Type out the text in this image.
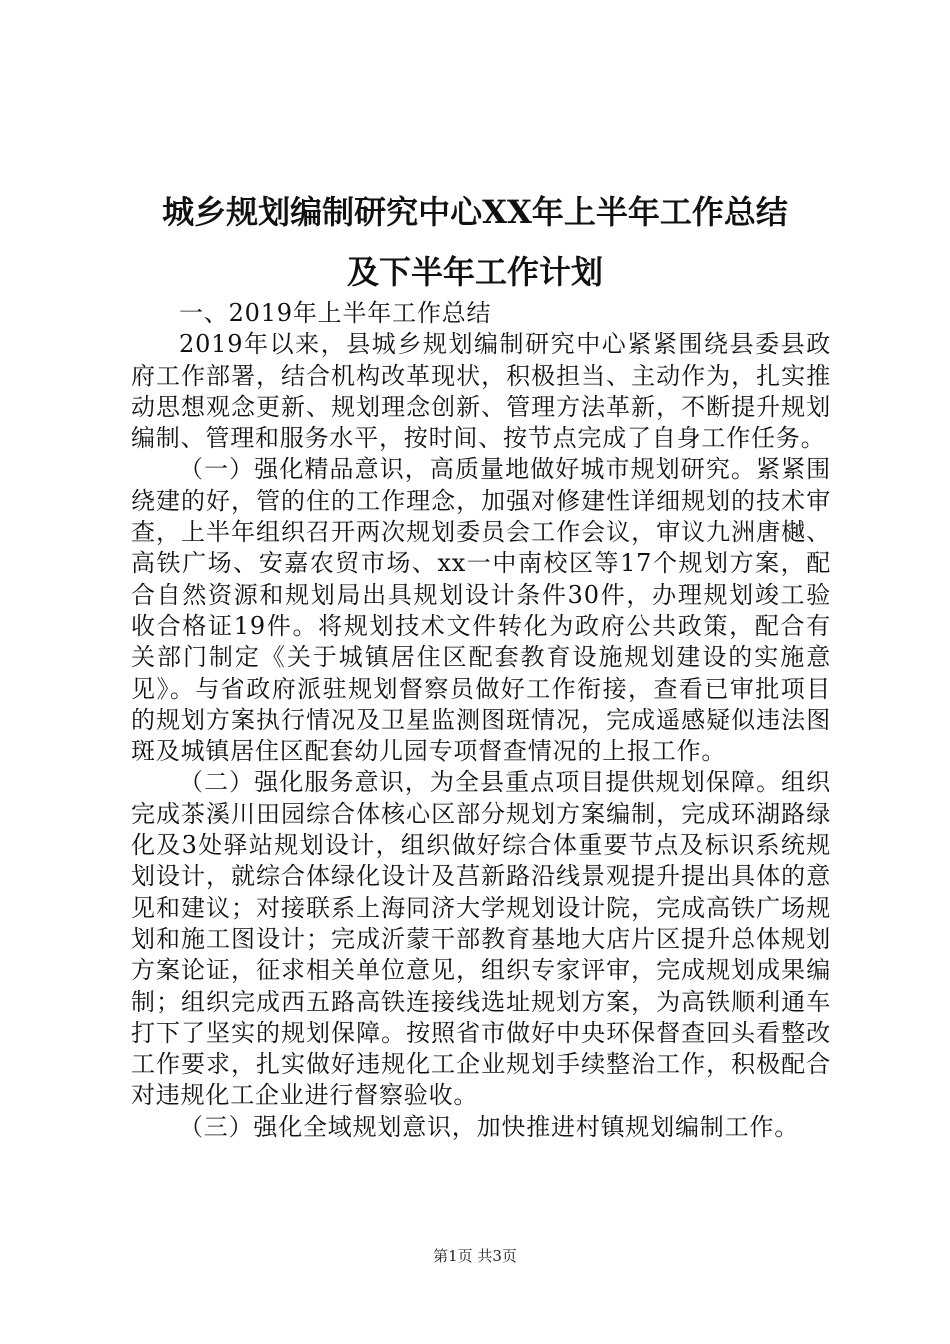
城乡规划编制研究中心XX年上半年工作总结
及下半年工作计划

一、2019年上半年工作总结

2019年以来，县城乡规划编制研究中心紧紧围绕县委县政府工作部署，结合机构改革现状，积极担当、主动作为，扎实推动思想观念更新、规划理念创新、管理方法革新，不断提升规划编制、管理和服务水平，按时间、按节点完成了自身工作任务。

（一）强化精品意识，高质量地做好城市规划研究。紧紧围绕建的好，管的住的工作理念，加强对修建性详细规划的技术审查，上半年组织召开两次规划委员会工作会议，审议九洲唐樾、高铁广场、安嘉农贸市场、xx一中南校区等17个规划方案，配合自然资源和规划局出具规划设计条件30件，办理规划竣工验收合格证19件。将规划技术文件转化为政府公共政策，配合有关部门制定《关于城镇居住区配套教育设施规划建设的实施意见》。与省政府派驻规划督察员做好工作衔接，查看已审批项目的规划方案执行情况及卫星监测图斑情况，完成遥感疑似违法图斑及城镇居住区配套幼儿园专项督查情况的上报工作。

（二）强化服务意识，为全县重点项目提供规划保障。组织完成茶溪川田园综合体核心区部分规划方案编制，完成环湖路绿化及3处驿站规划设计，组织做好综合体重要节点及标识系统规划设计，就综合体绿化设计及莒新路沿线景观提升提出具体的意见和建议；对接联系上海同济大学规划设计院，完成高铁广场规划和施工图设计；完成沂蒙干部教育基地大店片区提升总体规划方案论证，征求相关单位意见，组织专家评审，完成规划成果编制；组织完成西五路高铁连接线选址规划方案，为高铁顺利通车打下了坚实的规划保障。按照省市做好中央环保督查回头看整改工作要求，扎实做好违规化工企业规划手续整治工作，积极配合对违规化工企业进行督察验收。

（三）强化全域规划意识，加快推进村镇规划编制工作。

第1页 共3页
